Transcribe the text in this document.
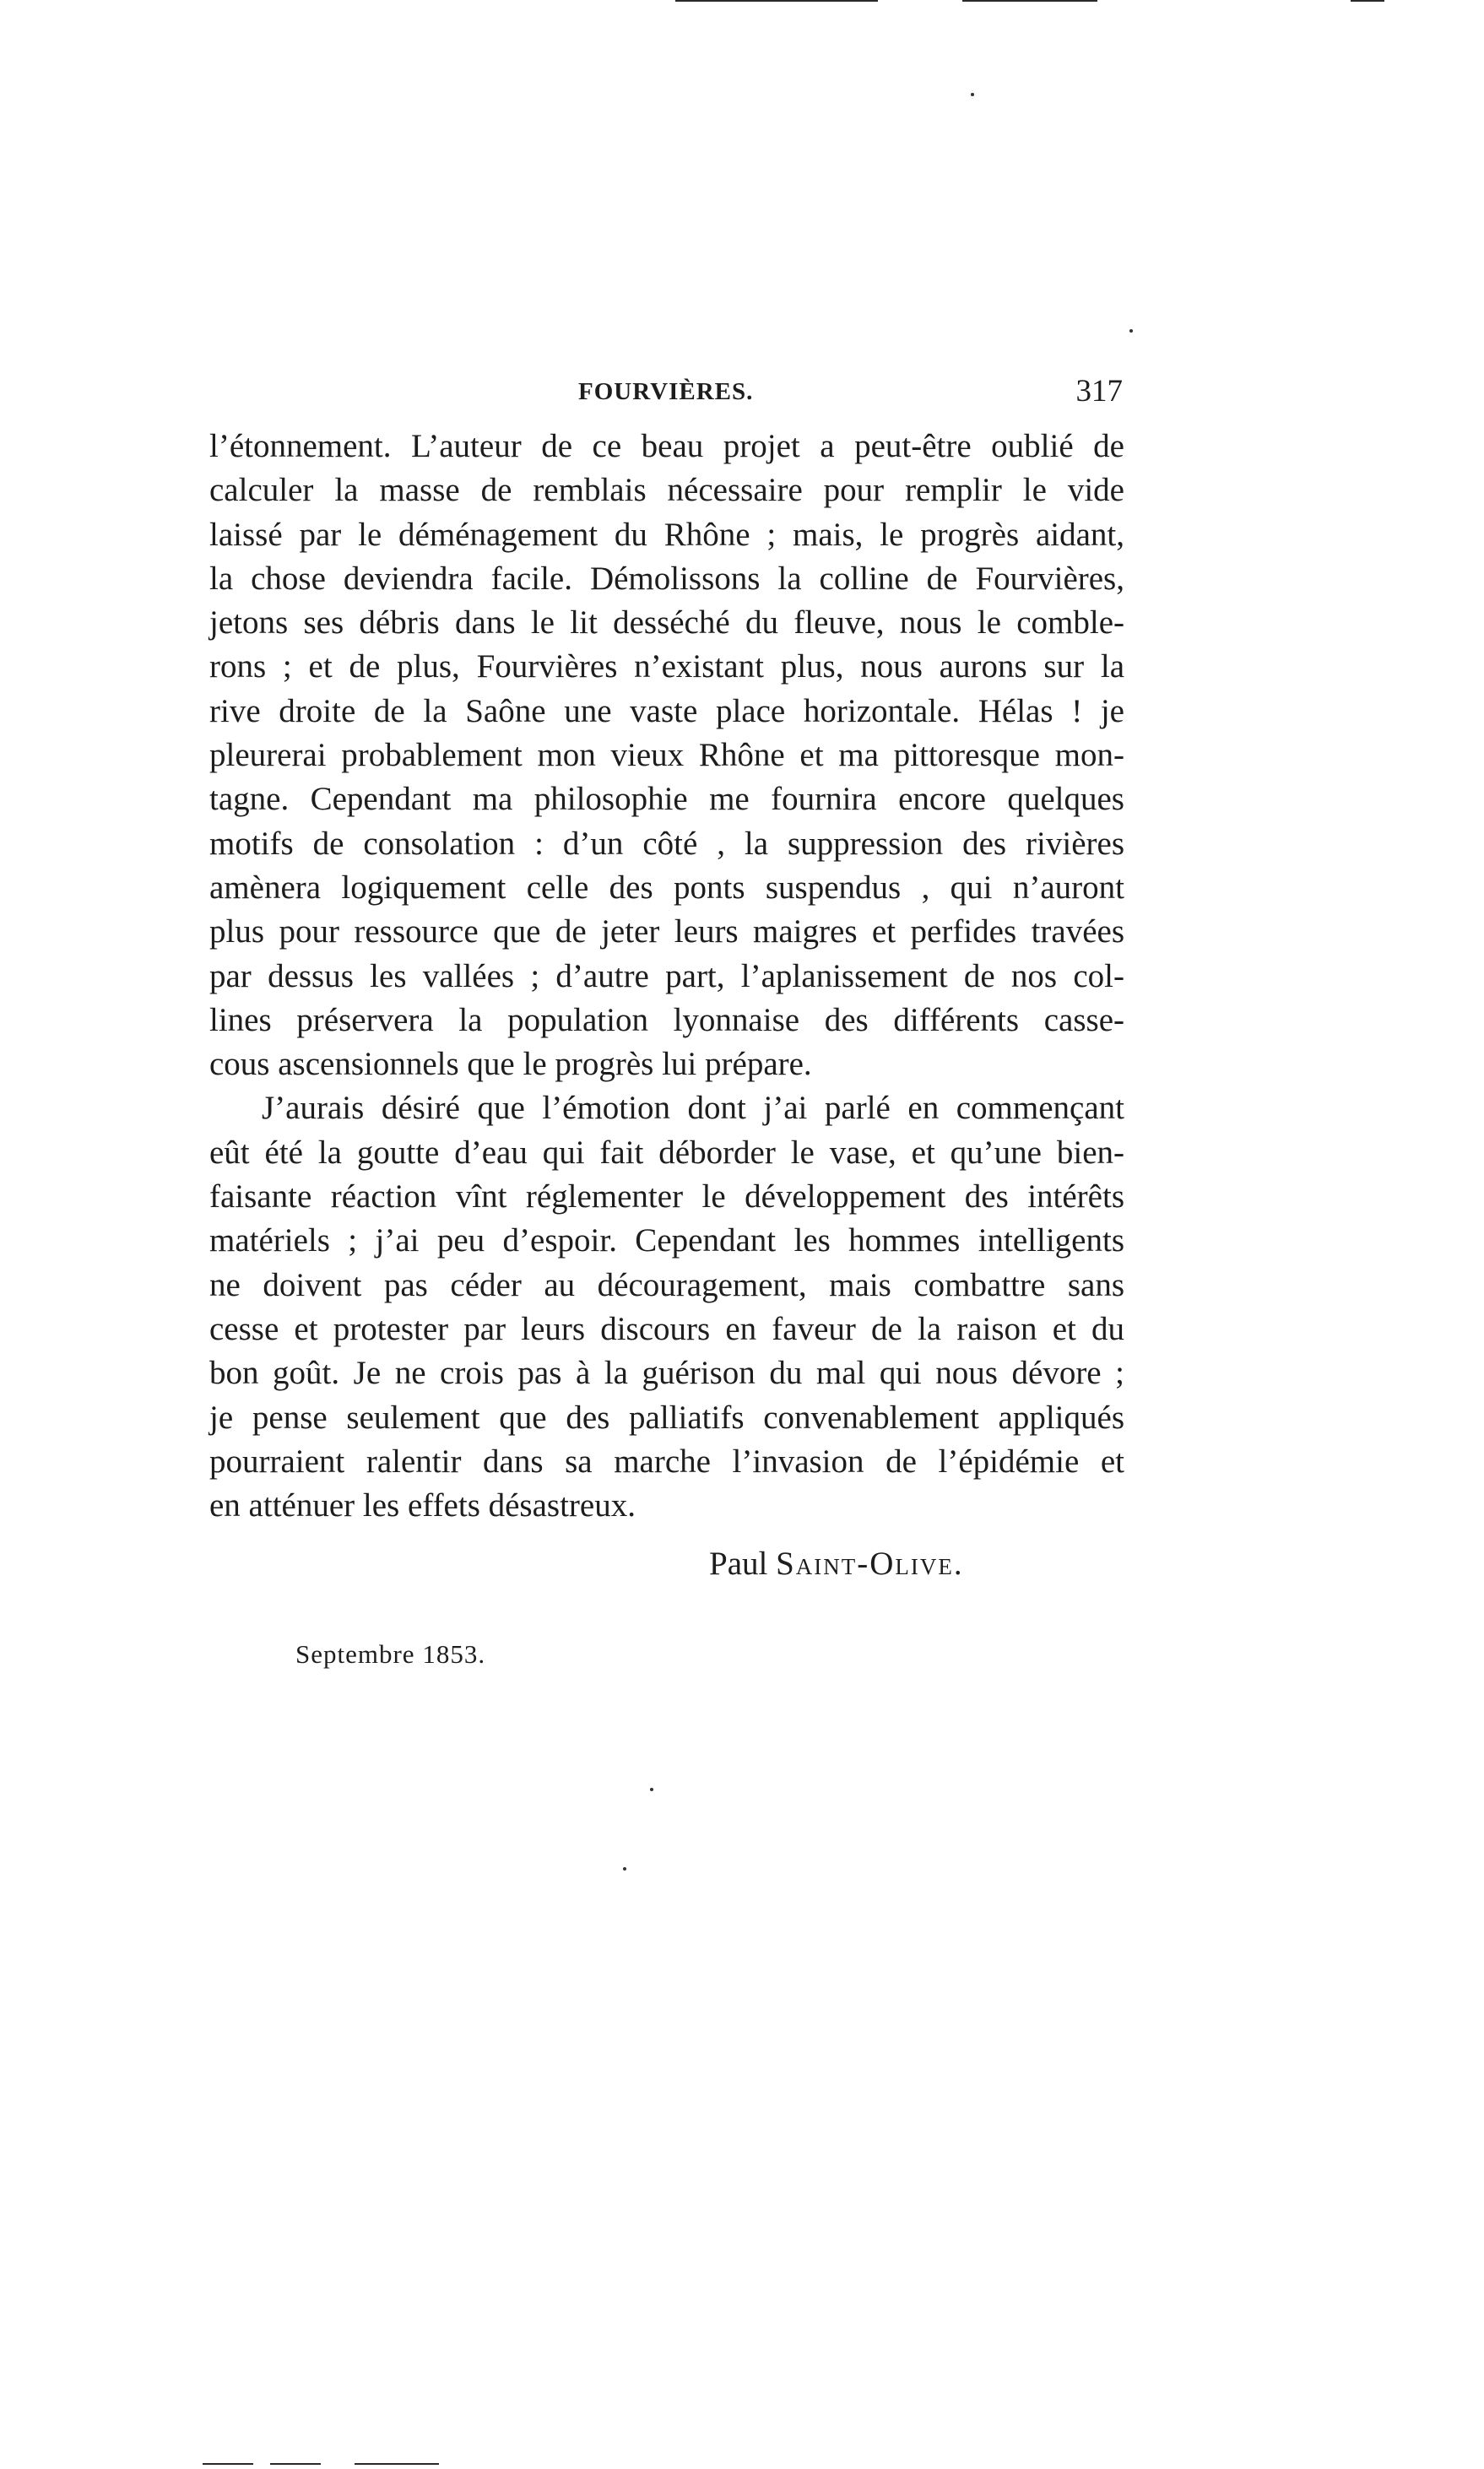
FOURVIÈRES.	317
l’étonnement. L’auteur de ce beau projet a peut-être oublié de
calculer la masse de remblais nécessaire pour remplir le vide
laissé par le déménagement du Rhône ; mais, le progrès aidant,
la chose deviendra facile. Démolissons la colline de Fourvières,
jetons ses débris dans le lit desséché du fleuve, nous le comble-
rons ; et de plus, Fourvières n’existant plus, nous aurons sur la
rive droite de la Saône une vaste place horizontale. Hélas ! je
pleurerai probablement mon vieux Rhône et ma pittoresque mon-
tagne. Cependant ma philosophie me fournira encore quelques
motifs de consolation : d’un côté , la suppression des rivières
amènera logiquement celle des ponts suspendus , qui n’auront
plus pour ressource que de jeter leurs maigres et perfides travées
par dessus les vallées ; d’autre part, l’aplanissement de nos col-
lines préservera la population lyonnaise des différents casse-
cous ascensionnels que le progrès lui prépare.
J’aurais désiré que l’émotion dont j’ai parlé en commençant
eût été la goutte d’eau qui fait déborder le vase, et qu’une bien-
faisante réaction vînt réglementer le développement des intérêts
matériels ; j’ai peu d’espoir. Cependant les hommes intelligents
ne doivent pas céder au découragement, mais combattre sans
cesse et protester par leurs discours en faveur de la raison et du
bon goût. Je ne crois pas à la guérison du mal qui nous dévore ;
je pense seulement que des palliatifs convenablement appliqués
pourraient ralentir dans sa marche l’invasion de l’épidémie et
en atténuer les effets désastreux.
Paul Saint-Olive.
Septembre 1853.
